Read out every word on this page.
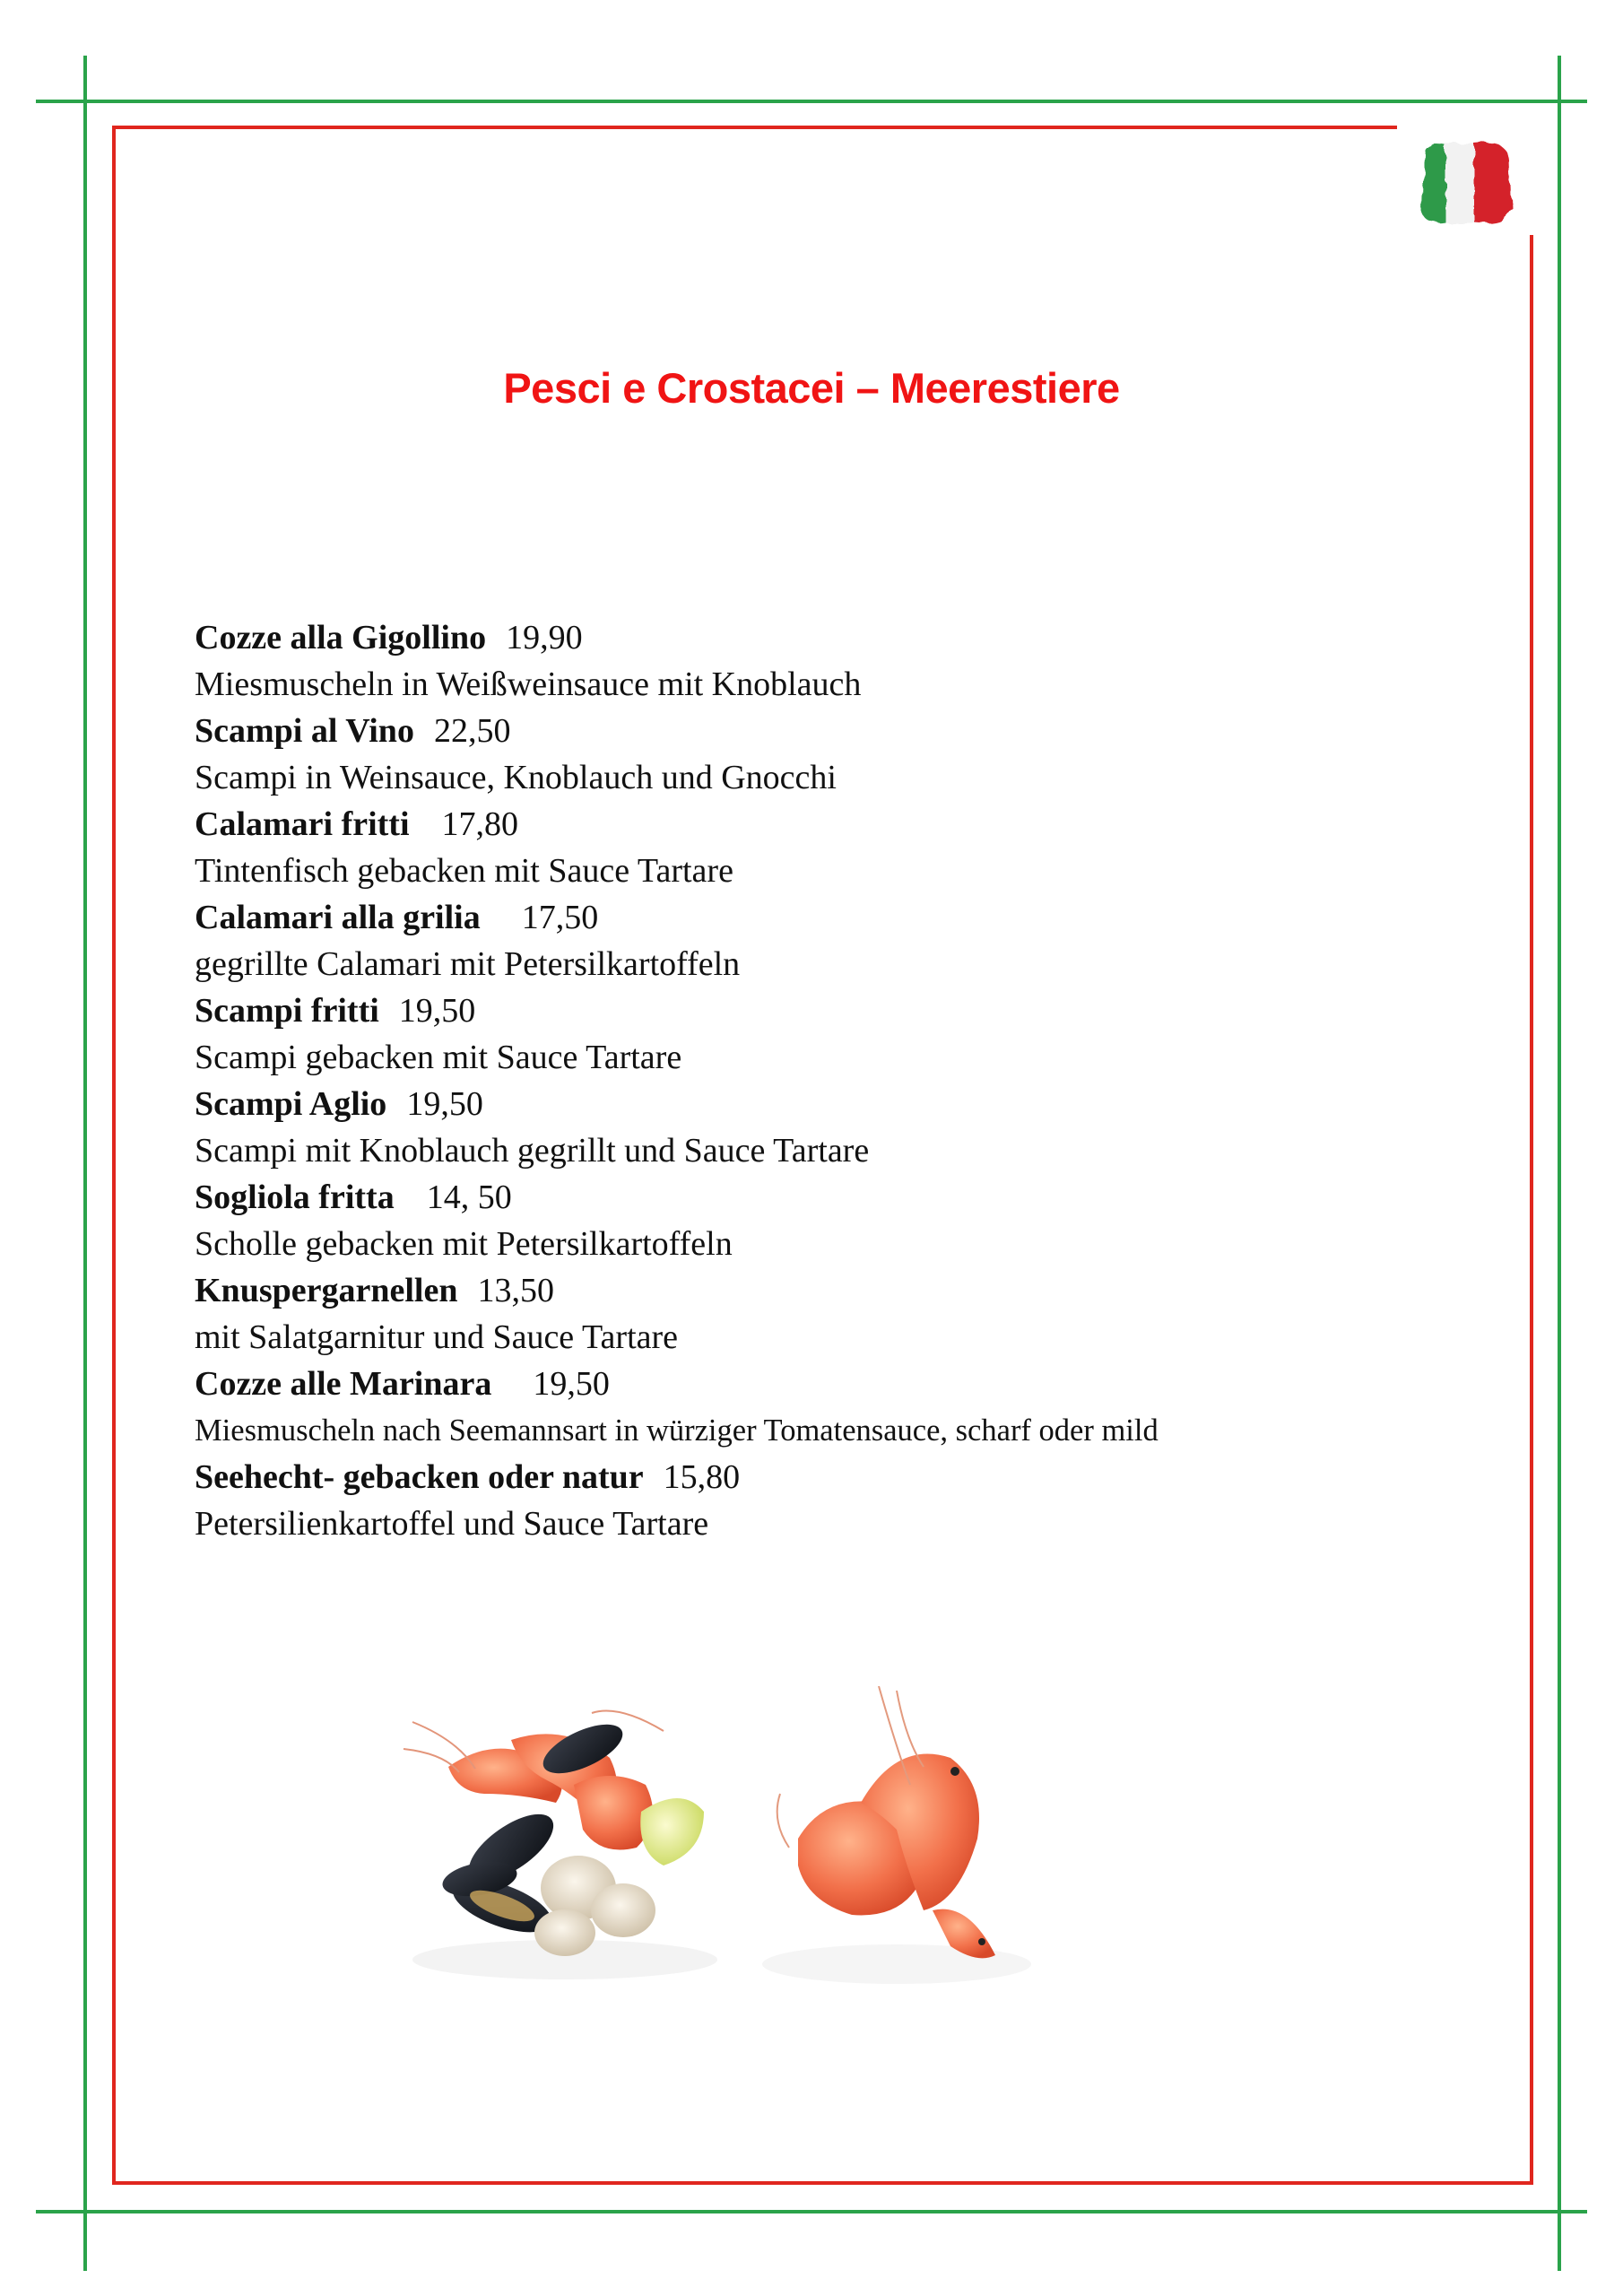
Pesci e Crostacei – Meerestiere
Cozze alla Gigollino 19,90
Miesmuscheln in Weißweinsauce mit Knoblauch
Scampi al Vino 22,50
Scampi in Weinsauce, Knoblauch und Gnocchi
Calamari fritti 17,80
Tintenfisch gebacken mit Sauce Tartare
Calamari alla grilia 17,50
gegrillte Calamari mit Petersilkartoffeln
Scampi fritti 19,50
Scampi gebacken mit Sauce Tartare
Scampi Aglio 19,50
Scampi mit Knoblauch gegrillt und Sauce Tartare
Sogliola fritta 14, 50
Scholle gebacken mit Petersilkartoffeln
Knuspergarnellen 13,50
mit Salatgarnitur und Sauce Tartare
Cozze alle Marinara 19,50
Miesmuscheln nach Seemannsart in würziger Tomatensauce, scharf oder mild
Seehecht- gebacken oder natur 15,80
Petersilienkartoffel und Sauce Tartare
